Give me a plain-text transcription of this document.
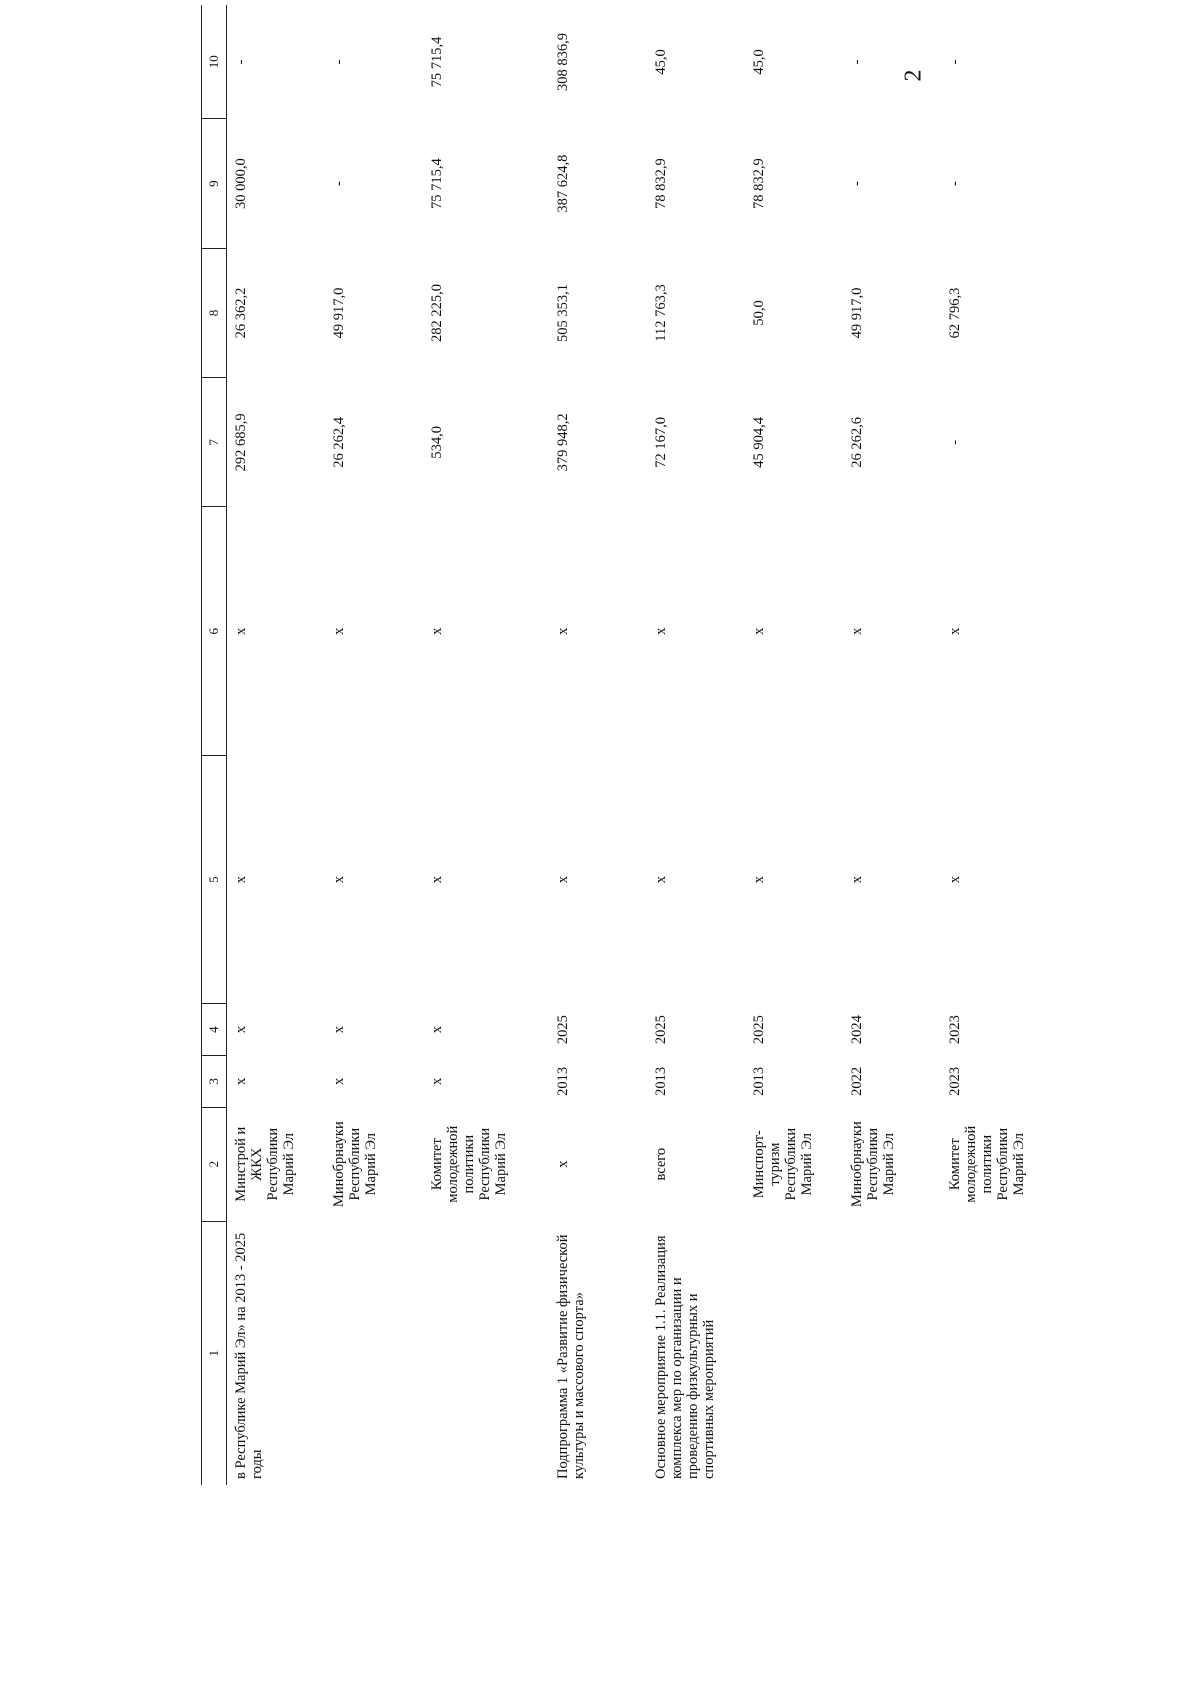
2
1	2	3	4	5	6	7	8	9	10
в Республике Марий Эл» на 2013 - 2025 годы	Минстрой и ЖКХ Республики Марий Эл	х	х	х	х	292 685,9	26 362,2	30 000,0	-
	Минобрнауки Республики Марий Эл	х	х	х	х	26 262,4	49 917,0	-	-
	Комитет молодежной политики Республики Марий Эл	х	х	х	х	534,0	282 225,0	75 715,4	75 715,4
Подпрограмма 1 «Развитие физической культуры и массового спорта»	х	2013	2025	х	х	379 948,2	505 353,1	387 624,8	308 836,9
Основное мероприятие 1.1. Реализация комплекса мер по организации и проведению физкультурных и спортивных мероприятий	всего	2013	2025	х	х	72 167,0	112 763,3	78 832,9	45,0
	Минспорт-туризм Республики Марий Эл	2013	2025	х	х	45 904,4	50,0	78 832,9	45,0
	Минобрнауки Республики Марий Эл	2022	2024	х	х	26 262,6	49 917,0	-	-
	Комитет молодежной политики Республики Марий Эл	2023	2023	х	х	-	62 796,3	-	-
